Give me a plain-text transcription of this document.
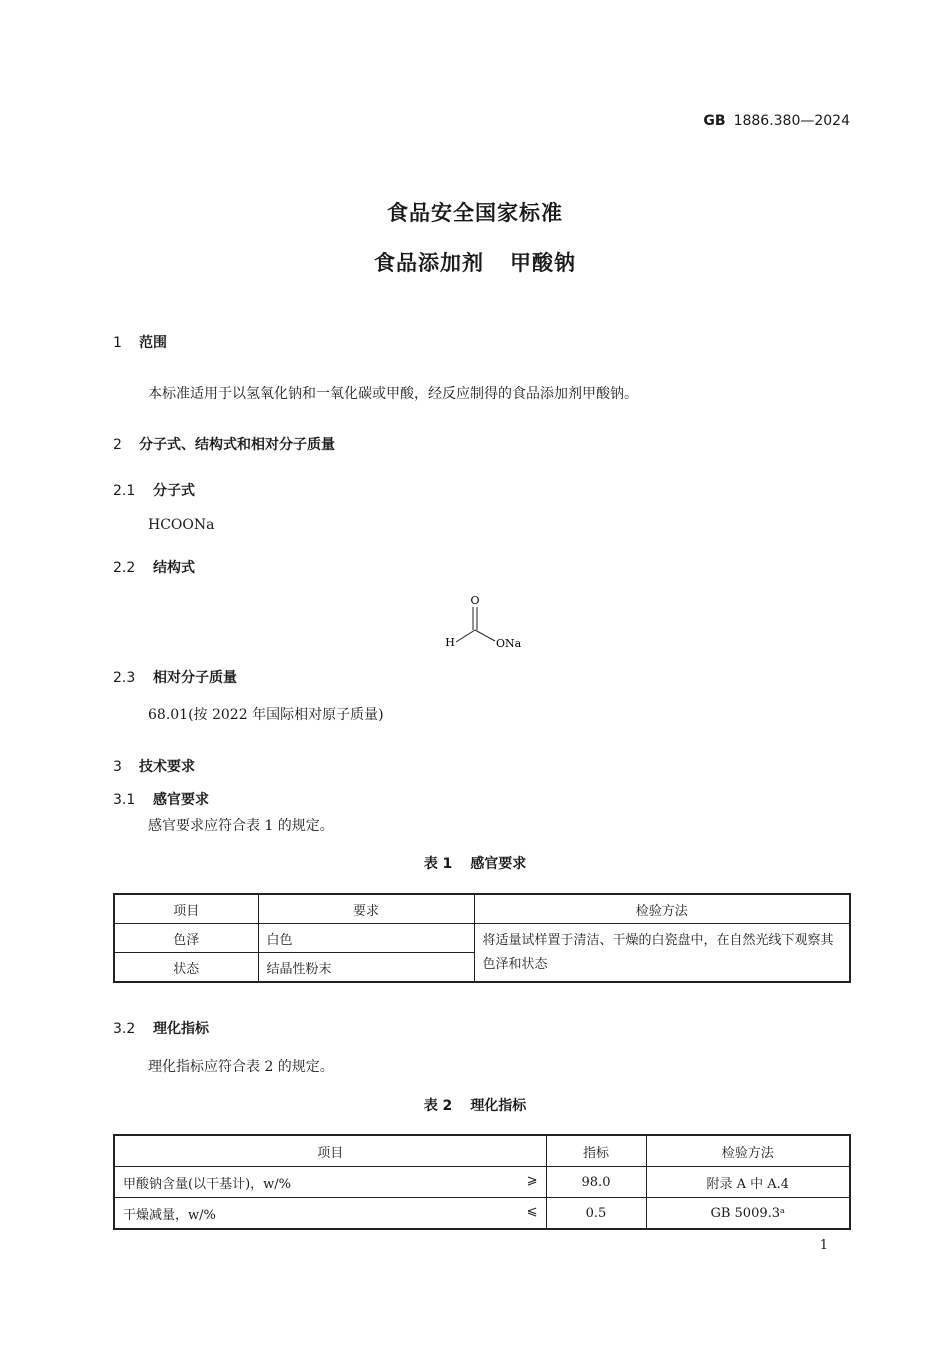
GB 1886.380—2024
食品安全国家标准
食品添加剂 甲酸钠
1 范围
本标准适用于以氢氧化钠和一氧化碳或甲酸，经反应制得的食品添加剂甲酸钠。
2 分子式、结构式和相对分子质量
2.1 分子式
HCOONa
2.2 结构式
O
H	ONa
2.3 相对分子质量
68.01(按 2022 年国际相对原子质量)
3 技术要求
3.1 感官要求
感官要求应符合表 1 的规定。
表 1 感官要求
项目	要求	检验方法
色泽	白色	将适量试样置于清洁、干燥的白瓷盘中，在自然光线下观察其色泽和状态
状态	结晶性粉末	
3.2 理化指标
理化指标应符合表 2 的规定。
表 2 理化指标
项目	指标	检验方法
甲酸钠含量(以干基计)，w/% ⩾	98.0	附录 A 中 A.4
干燥减量，w/% ⩽	0.5	GB 5009.3ᵃ
1
